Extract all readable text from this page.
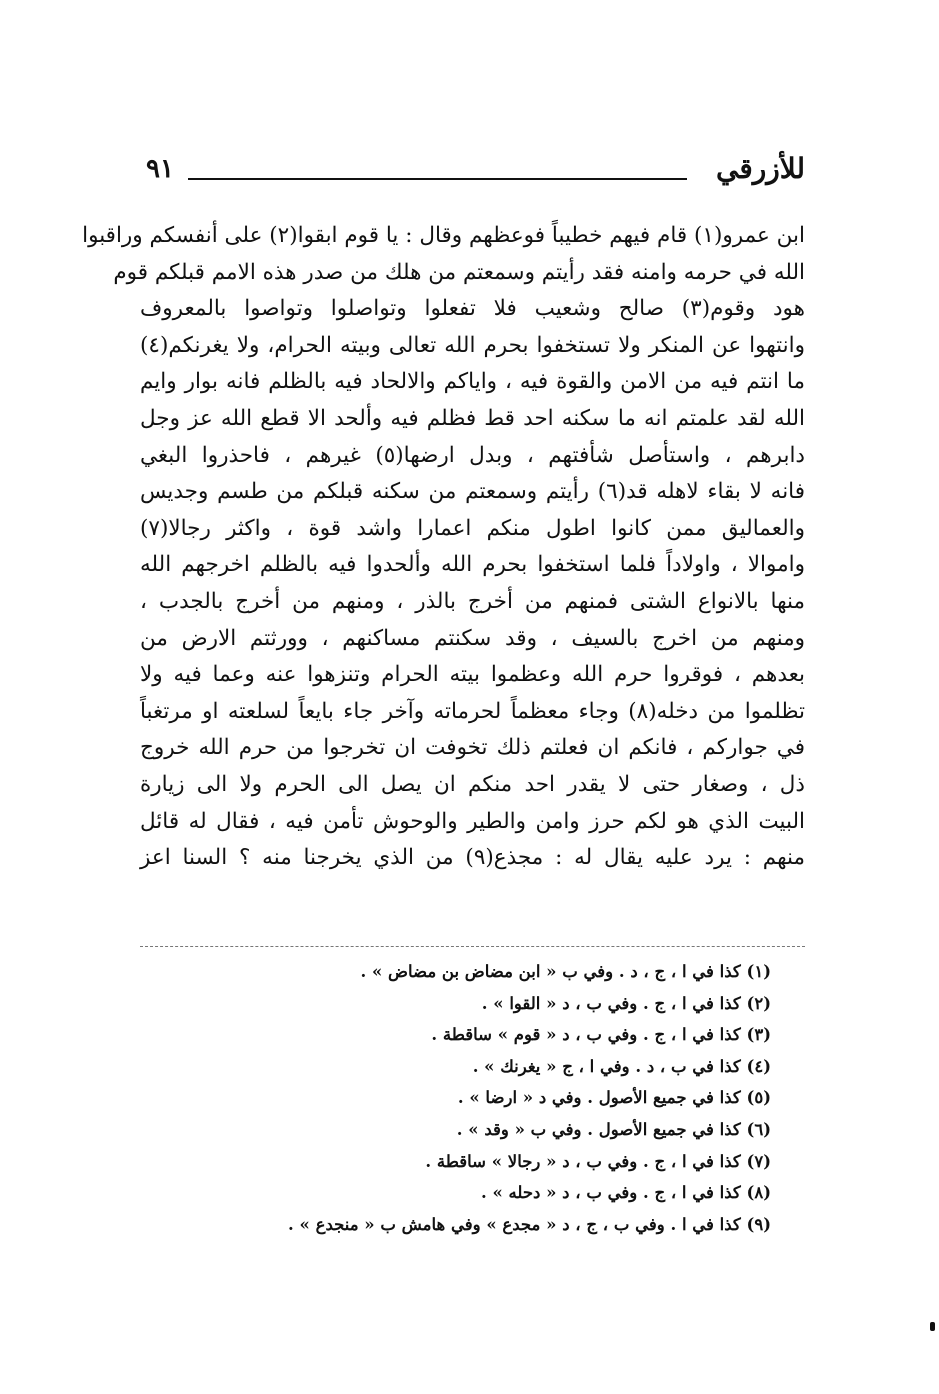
٩١	للأزرقي
ابن عمرو(١) قام فيهم خطيباً فوعظهم وقال : يا قوم ابقوا(٢) على أنفسكم وراقبوا
الله في حرمه وامنه فقد رأيتم وسمعتم من هلك من صدر هذه الامم قبلكم قوم
هود وقوم(٣) صالح وشعيب فلا تفعلوا وتواصلوا وتواصوا بالمعروف
وانتهوا عن المنكر ولا تستخفوا بحرم الله تعالى وبيته الحرام، ولا يغرنكم(٤)
ما انتم فيه من الامن والقوة فيه ، واياكم والالحاد فيه بالظلم فانه بوار وايم
الله لقد علمتم انه ما سكنه احد قط فظلم فيه وألحد الا قطع الله عز وجل
دابرهم ، واستأصل شأفتهم ، وبدل ارضها(٥) غيرهم ، فاحذروا البغي
فانه لا بقاء لاهله قد(٦) رأيتم وسمعتم من سكنه قبلكم من طسم وجديس
والعماليق ممن كانوا اطول منكم اعمارا واشد قوة ، واكثر رجالا(٧)
واموالا ، واولاداً فلما استخفوا بحرم الله وألحدوا فيه بالظلم اخرجهم الله
منها بالانواع الشتى فمنهم من أخرج بالذر ، ومنهم من أخرج بالجدب ،
ومنهم من اخرج بالسيف ، وقد سكنتم مساكنهم ، وورثتم الارض من
بعدهم ، فوقروا حرم الله وعظموا بيته الحرام وتنزهوا عنه وعما فيه ولا
تظلموا من دخله(٨) وجاء معظماً لحرماته وآخر جاء بايعاً لسلعته او مرتغباً
في جواركم ، فانكم ان فعلتم ذلك تخوفت ان تخرجوا من حرم الله خروج
ذل ، وصغار حتى لا يقدر احد منكم ان يصل الى الحرم ولا الى زيارة
البيت الذي هو لكم حرز وامن والطير والوحوش تأمن فيه ، فقال له قائل
منهم : يرد عليه يقال له : مجذع(٩) من الذي يخرجنا منه ؟ السنا اعز
(١) كذا في ا ، ج ، د . وفي ب « ابن مضاض بن مضاض » .
(٢) كذا في ا ، ج . وفي ب ، د « القوا » .
(٣) كذا في ا ، ج . وفي ب ، د « قوم » ساقطة .
(٤) كذا في ب ، د . وفي ا ، ج « يغرنك » .
(٥) كذا في جميع الأصول . وفي د « ارضا » .
(٦) كذا في جميع الأصول . وفي ب « وقد » .
(٧) كذا في ا ، ج . وفي ب ، د « رجالا » ساقطة .
(٨) كذا في ا ، ج . وفي ب ، د « دحله » .
(٩) كذا في ا . وفي ب ، ج ، د « مجدع » وفي هامش ب « منجدع » .
